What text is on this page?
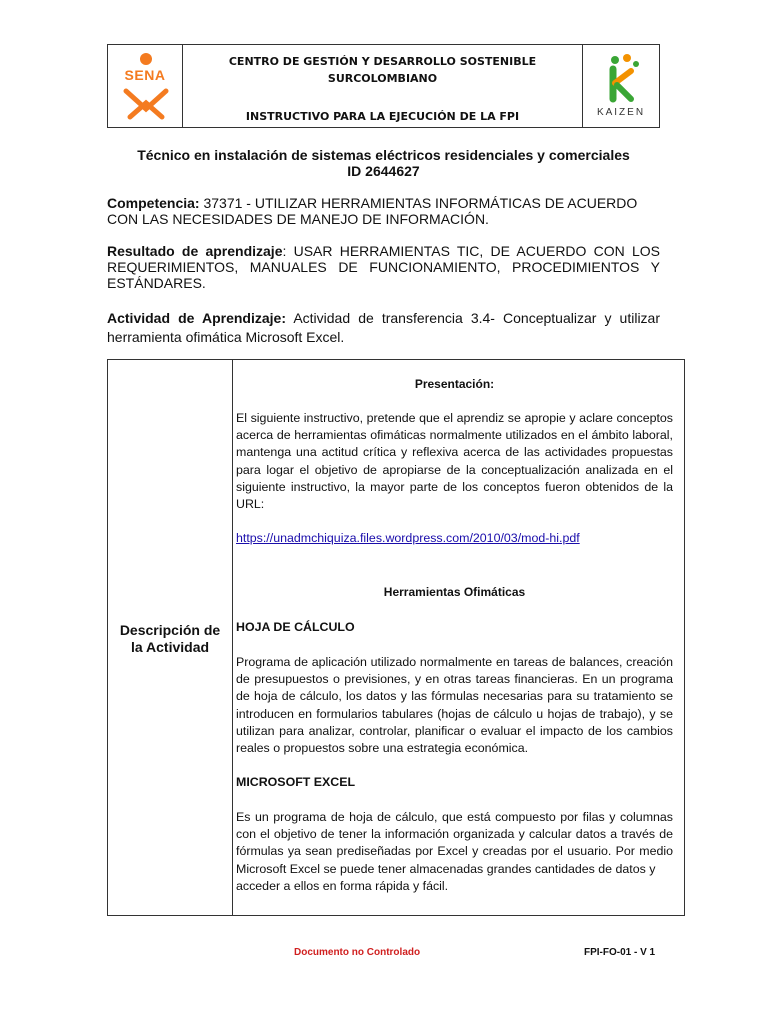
SENA
CENTRO DE GESTIÓN Y DESARROLLO SOSTENIBLE
SURCOLOMBIANO
INSTRUCTIVO PARA LA EJECUCIÓN DE LA FPI	KAIZEN
Técnico en instalación de sistemas eléctricos residenciales y comerciales
ID 2644627
Competencia: 37371 - UTILIZAR HERRAMIENTAS INFORMÁTICAS DE ACUERDO
CON LAS NECESIDADES DE MANEJO DE INFORMACIÓN.
Resultado de aprendizaje: USAR HERRAMIENTAS TIC, DE ACUERDO CON LOS
REQUERIMIENTOS, MANUALES DE FUNCIONAMIENTO, PROCEDIMIENTOS Y
ESTÁNDARES.
Actividad de Aprendizaje: Actividad de transferencia 3.4- Conceptualizar y utilizar
herramienta ofimática Microsoft Excel.
Descripción de
la Actividad
Presentación:
El siguiente instructivo, pretende que el aprendiz se apropie y aclare conceptos
acerca de herramientas ofimáticas normalmente utilizados en el ámbito laboral,
mantenga una actitud crítica y reflexiva acerca de las actividades propuestas
para logar el objetivo de apropiarse de la conceptualización analizada en el
siguiente instructivo, la mayor parte de los conceptos fueron obtenidos de la
URL:
https://unadmchiquiza.files.wordpress.com/2010/03/mod-hi.pdf
Herramientas Ofimáticas
HOJA DE CÁLCULO
Programa de aplicación utilizado normalmente en tareas de balances, creación
de presupuestos o previsiones, y en otras tareas financieras. En un programa
de hoja de cálculo, los datos y las fórmulas necesarias para su tratamiento se
introducen en formularios tabulares (hojas de cálculo u hojas de trabajo), y se
utilizan para analizar, controlar, planificar o evaluar el impacto de los cambios
reales o propuestos sobre una estrategia económica.
MICROSOFT EXCEL
Es un programa de hoja de cálculo, que está compuesto por filas y columnas
con el objetivo de tener la información organizada y calcular datos a través de
fórmulas ya sean prediseñadas por Excel y creadas por el usuario. Por medio
Microsoft Excel se puede tener almacenadas grandes cantidades de datos y
acceder a ellos en forma rápida y fácil.
Documento no Controlado	FPI-FO-01 - V 1
